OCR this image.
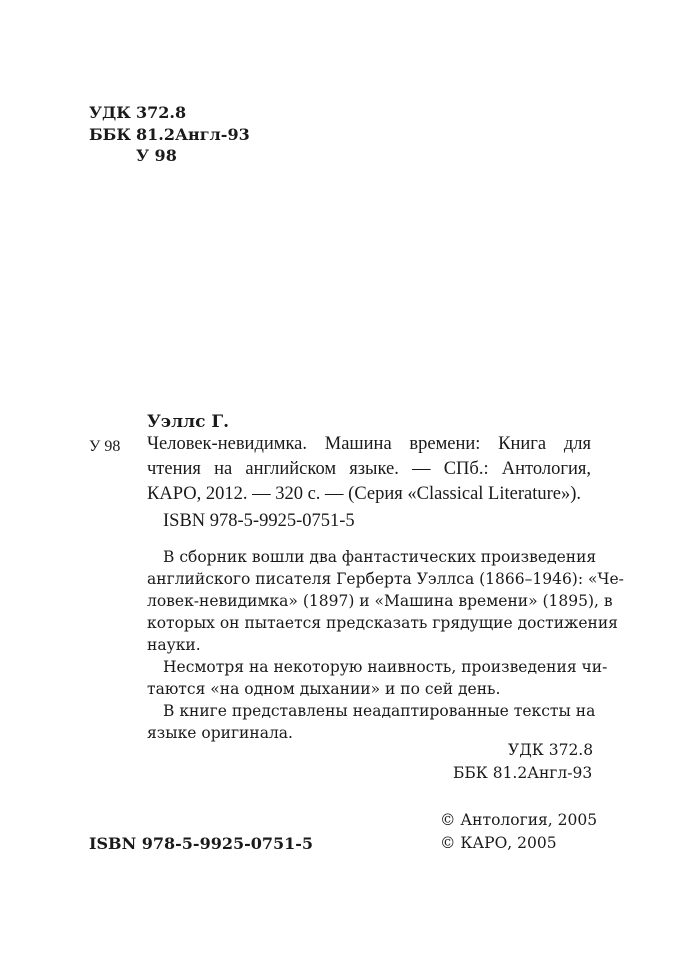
УДК 372.8
ББК 81.2Англ-93
У 98
Уэллс Г.
У 98 Человек-невидимка. Машина времени: Книга для
чтения на английском языке. — СПб.: Антология,
КАРО, 2012. — 320 с. — (Серия «Classical Literature»).
ISBN 978-5-9925-0751-5
В сборник вошли два фантастических произведения
английского писателя Герберта Уэллса (1866–1946): «Че-
ловек-невидимка» (1897) и «Машина времени» (1895), в
которых он пытается предсказать грядущие достижения
науки.
Несмотря на некоторую наивность, произведения чи-
таются «на одном дыхании» и по сей день.
В книге представлены неадаптированные тексты на
языке оригинала.
УДК 372.8
ББК 81.2Англ-93
© Антология, 2005
© КАРО, 2005
ISBN 978-5-9925-0751-5
